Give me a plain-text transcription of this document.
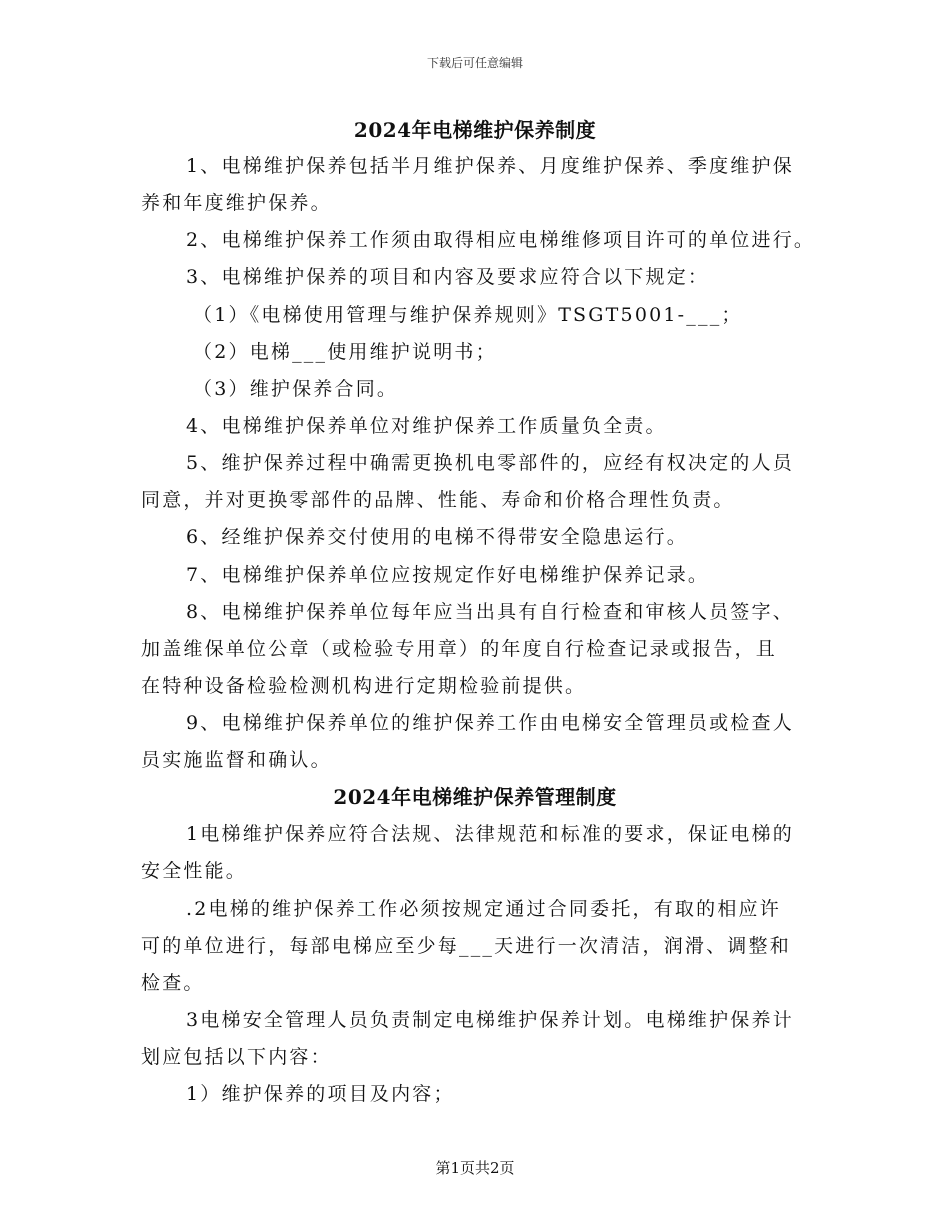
下载后可任意编辑
2024年电梯维护保养制度
1、电梯维护保养包括半月维护保养、月度维护保养、季度维护保
养和年度维护保养。
2、电梯维护保养工作须由取得相应电梯维修项目许可的单位进行。
3、电梯维护保养的项目和内容及要求应符合以下规定：
（1）《电梯使用管理与维护保养规则》TSGT5001-___；
（2）电梯___使用维护说明书；
（3）维护保养合同。
4、电梯维护保养单位对维护保养工作质量负全责。
5、维护保养过程中确需更换机电零部件的，应经有权决定的人员
同意，并对更换零部件的品牌、性能、寿命和价格合理性负责。
6、经维护保养交付使用的电梯不得带安全隐患运行。
7、电梯维护保养单位应按规定作好电梯维护保养记录。
8、电梯维护保养单位每年应当出具有自行检查和审核人员签字、
加盖维保单位公章（或检验专用章）的年度自行检查记录或报告，且
在特种设备检验检测机构进行定期检验前提供。
9、电梯维护保养单位的维护保养工作由电梯安全管理员或检查人
员实施监督和确认。
2024年电梯维护保养管理制度
1电梯维护保养应符合法规、法律规范和标准的要求，保证电梯的
安全性能。
.2电梯的维护保养工作必须按规定通过合同委托，有取的相应许
可的单位进行，每部电梯应至少每___天进行一次清洁，润滑、调整和
检查。
3电梯安全管理人员负责制定电梯维护保养计划。电梯维护保养计
划应包括以下内容：
1）维护保养的项目及内容；
第1页共2页
